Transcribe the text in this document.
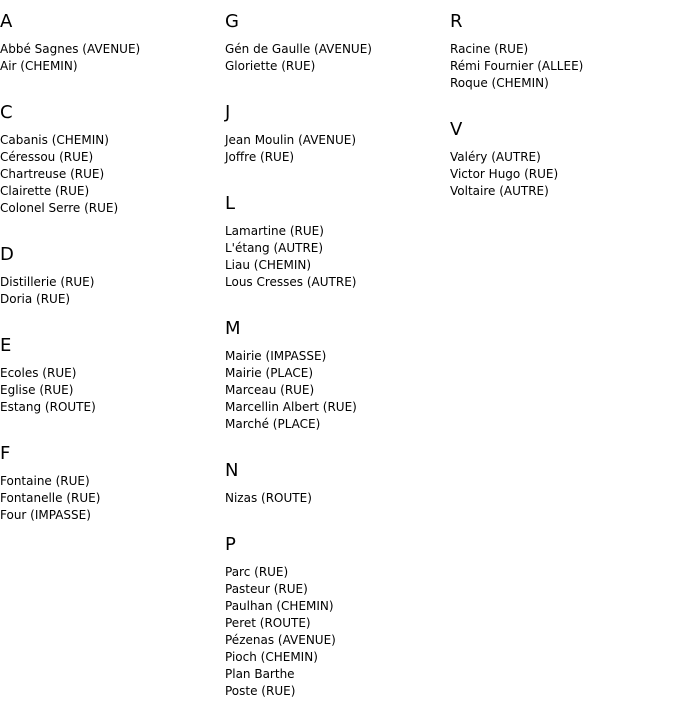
A
Abbé Sagnes (AVENUE)
Air (CHEMIN)
C
Cabanis (CHEMIN)
Céressou (RUE)
Chartreuse (RUE)
Clairette (RUE)
Colonel Serre (RUE)
D
Distillerie (RUE)
Doria (RUE)
E
Ecoles (RUE)
Eglise (RUE)
Estang (ROUTE)
F
Fontaine (RUE)
Fontanelle (RUE)
Four (IMPASSE)
G
Gén de Gaulle (AVENUE)
Gloriette (RUE)
J
Jean Moulin (AVENUE)
Joffre (RUE)
L
Lamartine (RUE)
L'étang (AUTRE)
Liau (CHEMIN)
Lous Cresses (AUTRE)
M
Mairie (IMPASSE)
Mairie (PLACE)
Marceau (RUE)
Marcellin Albert (RUE)
Marché (PLACE)
N
Nizas (ROUTE)
P
Parc (RUE)
Pasteur (RUE)
Paulhan (CHEMIN)
Peret (ROUTE)
Pézenas (AVENUE)
Pioch (CHEMIN)
Plan Barthe
Poste (RUE)
R
Racine (RUE)
Rémi Fournier (ALLEE)
Roque (CHEMIN)
V
Valéry (AUTRE)
Victor Hugo (RUE)
Voltaire (AUTRE)
